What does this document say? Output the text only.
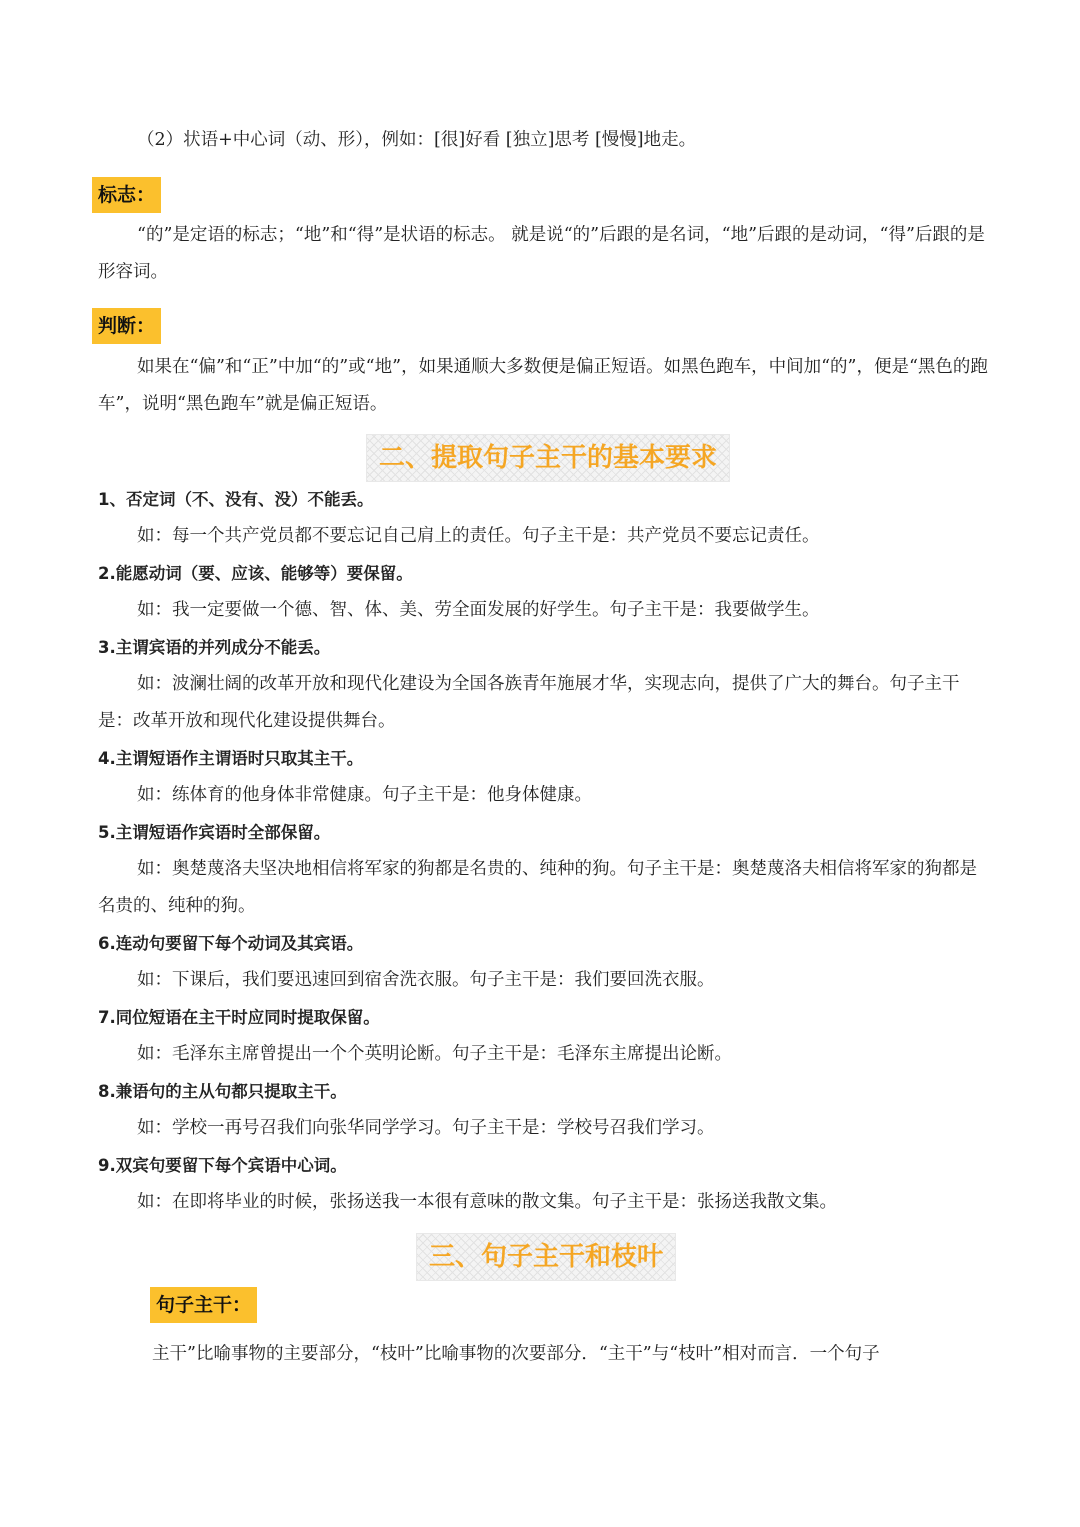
（2）状语+中心词（动、形），例如：[很]好看 [独立]思考 [慢慢]地走。
标志：
“的”是定语的标志；“地”和“得”是状语的标志。 就是说“的”后跟的是名词，“地”后跟的是动词，“得”后跟的是形容词。
判断：
如果在“偏”和“正”中加“的”或“地”，如果通顺大多数便是偏正短语。如黑色跑车，中间加“的”，便是“黑色的跑车”，说明“黑色跑车”就是偏正短语。
二、提取句子主干的基本要求
1、否定词（不、没有、没）不能丢。
如：每一个共产党员都不要忘记自己肩上的责任。句子主干是：共产党员不要忘记责任。
2.能愿动词（要、应该、能够等）要保留。
如：我一定要做一个德、智、体、美、劳全面发展的好学生。句子主干是：我要做学生。
3.主谓宾语的并列成分不能丢。
如：波澜壮阔的改革开放和现代化建设为全国各族青年施展才华，实现志向，提供了广大的舞台。句子主干是：改革开放和现代化建设提供舞台。
4.主谓短语作主谓语时只取其主干。
如：练体育的他身体非常健康。句子主干是：他身体健康。
5.主谓短语作宾语时全部保留。
如：奥楚蔑洛夫坚决地相信将军家的狗都是名贵的、纯种的狗。句子主干是：奥楚蔑洛夫相信将军家的狗都是名贵的、纯种的狗。
6.连动句要留下每个动词及其宾语。
如：下课后，我们要迅速回到宿舍洗衣服。句子主干是：我们要回洗衣服。
7.同位短语在主干时应同时提取保留。
如：毛泽东主席曾提出一个个英明论断。句子主干是：毛泽东主席提出论断。
8.兼语句的主从句都只提取主干。
如：学校一再号召我们向张华同学学习。句子主干是：学校号召我们学习。
9.双宾句要留下每个宾语中心词。
如：在即将毕业的时候，张扬送我一本很有意味的散文集。句子主干是：张扬送我散文集。
三、句子主干和枝叶
句子主干：
主干”比喻事物的主要部分，“枝叶”比喻事物的次要部分．“主干”与“枝叶”相对而言．一个句子
